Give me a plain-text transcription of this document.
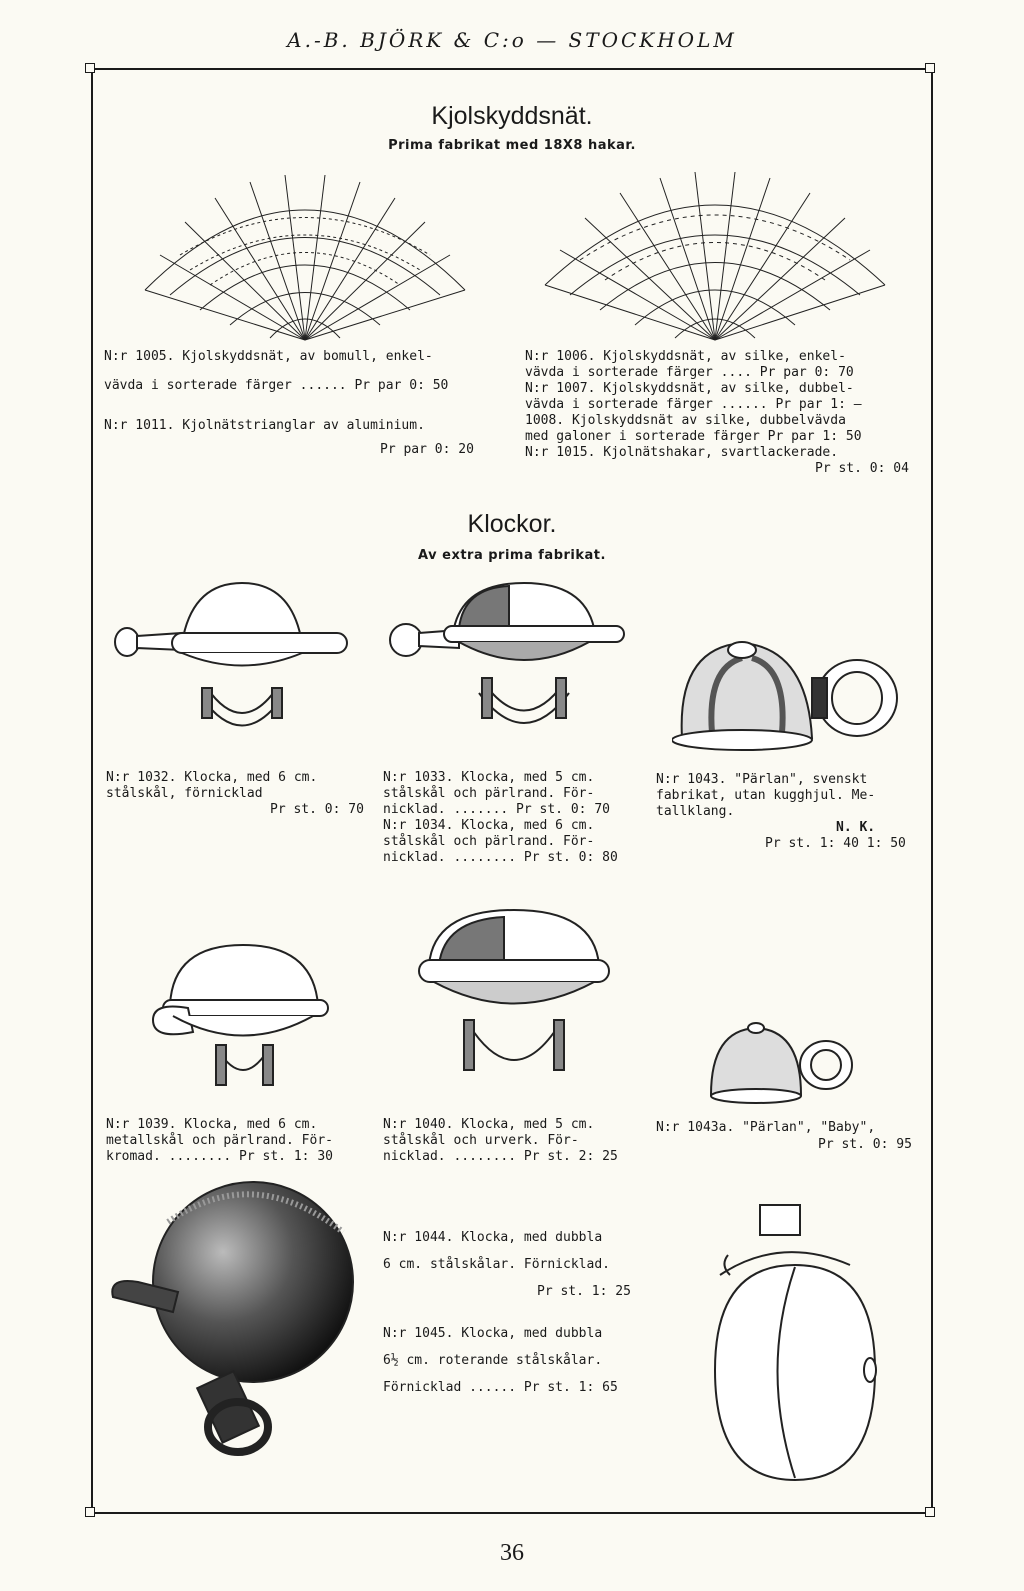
A.-B. BJÖRK & C:o — STOCKHOLM
Kjolskyddsnät.
Prima fabrikat med 18X8 hakar.
N:r 1005. Kjolskyddsnät, av bomull, enkel-
vävda i sorterade färger ...... Pr par 0: 50
N:r 1011. Kjolnätstrianglar av aluminium.
Pr par 0: 20
N:r 1006. Kjolskyddsnät, av silke, enkel-
vävda i sorterade färger .... Pr par 0: 70
N:r 1007. Kjolskyddsnät, av silke, dubbel-
vävda i sorterade färger ...... Pr par 1: —
1008. Kjolskyddsnät av silke, dubbelvävda
med galoner i sorterade färger Pr par 1: 50
N:r 1015. Kjolnätshakar, svartlackerade.
Pr st. 0: 04
Klockor.
Av extra prima fabrikat.
N:r 1032. Klocka, med 6 cm.
stålskål, förnicklad
Pr st. 0: 70
N:r 1033. Klocka, med 5 cm.
stålskål och pärlrand. För-
nicklad. ....... Pr st. 0: 70
N:r 1034. Klocka, med 6 cm.
stålskål och pärlrand. För-
nicklad. ........ Pr st. 0: 80
N:r 1043. "Pärlan", svenskt
fabrikat, utan kugghjul. Me-
tallklang.
N. K.
Pr st. 1: 40 1: 50
N:r 1039. Klocka, med 6 cm.
metallskål och pärlrand. För-
kromad. ........ Pr st. 1: 30
N:r 1040. Klocka, med 5 cm.
stålskål och urverk. För-
nicklad. ........ Pr st. 2: 25
N:r 1043a. "Pärlan", "Baby",
Pr st. 0: 95
N:r 1044. Klocka, med dubbla
6 cm. stålskålar. Förnicklad.
Pr st. 1: 25
N:r 1045. Klocka, med dubbla
6½ cm. roterande stålskålar.
Förnicklad ...... Pr st. 1: 65
36
